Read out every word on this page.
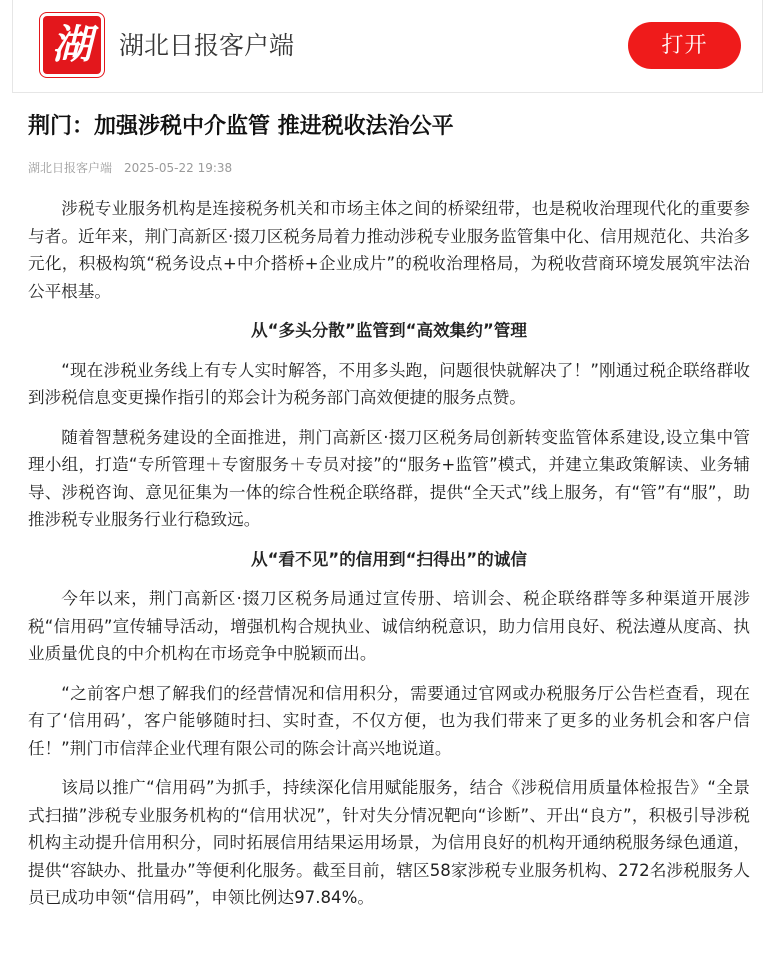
湖 湖北日报客户端	打开
荆门：加强涉税中介监管 推进税收法治公平
湖北日报客户端 2025-05-22 19:38

涉税专业服务机构是连接税务机关和市场主体之间的桥梁纽带，也是税收治理现代化的重要参与者。近年来，荆门高新区·掇刀区税务局着力推动涉税专业服务监管集中化、信用规范化、共治多元化，积极构筑“税务设点+中介搭桥+企业成片”的税收治理格局，为税收营商环境发展筑牢法治公平根基。

从“多头分散”监管到“高效集约”管理

“现在涉税业务线上有专人实时解答，不用多头跑，问题很快就解决了！”刚通过税企联络群收到涉税信息变更操作指引的郑会计为税务部门高效便捷的服务点赞。

随着智慧税务建设的全面推进，荆门高新区·掇刀区税务局创新转变监管体系建设,设立集中管理小组，打造“专所管理＋专窗服务＋专员对接”的“服务+监管”模式，并建立集政策解读、业务辅导、涉税咨询、意见征集为一体的综合性税企联络群，提供“全天式”线上服务，有“管”有“服”，助推涉税专业服务行业行稳致远。

从“看不见”的信用到“扫得出”的诚信

今年以来，荆门高新区·掇刀区税务局通过宣传册、培训会、税企联络群等多种渠道开展涉税“信用码”宣传辅导活动，增强机构合规执业、诚信纳税意识，助力信用良好、税法遵从度高、执业质量优良的中介机构在市场竞争中脱颖而出。

“之前客户想了解我们的经营情况和信用积分，需要通过官网或办税服务厅公告栏查看，现在有了‘信用码’，客户能够随时扫、实时查，不仅方便，也为我们带来了更多的业务机会和客户信任！”荆门市信萍企业代理有限公司的陈会计高兴地说道。

该局以推广“信用码”为抓手，持续深化信用赋能服务，结合《涉税信用质量体检报告》“全景式扫描”涉税专业服务机构的“信用状况”，针对失分情况靶向“诊断”、开出“良方”，积极引导涉税机构主动提升信用积分，同时拓展信用结果运用场景，为信用良好的机构开通纳税服务绿色通道，提供“容缺办、批量办”等便利化服务。截至目前，辖区58家涉税专业服务机构、272名涉税服务人员已成功申领“信用码”，申领比例达97.84%。
